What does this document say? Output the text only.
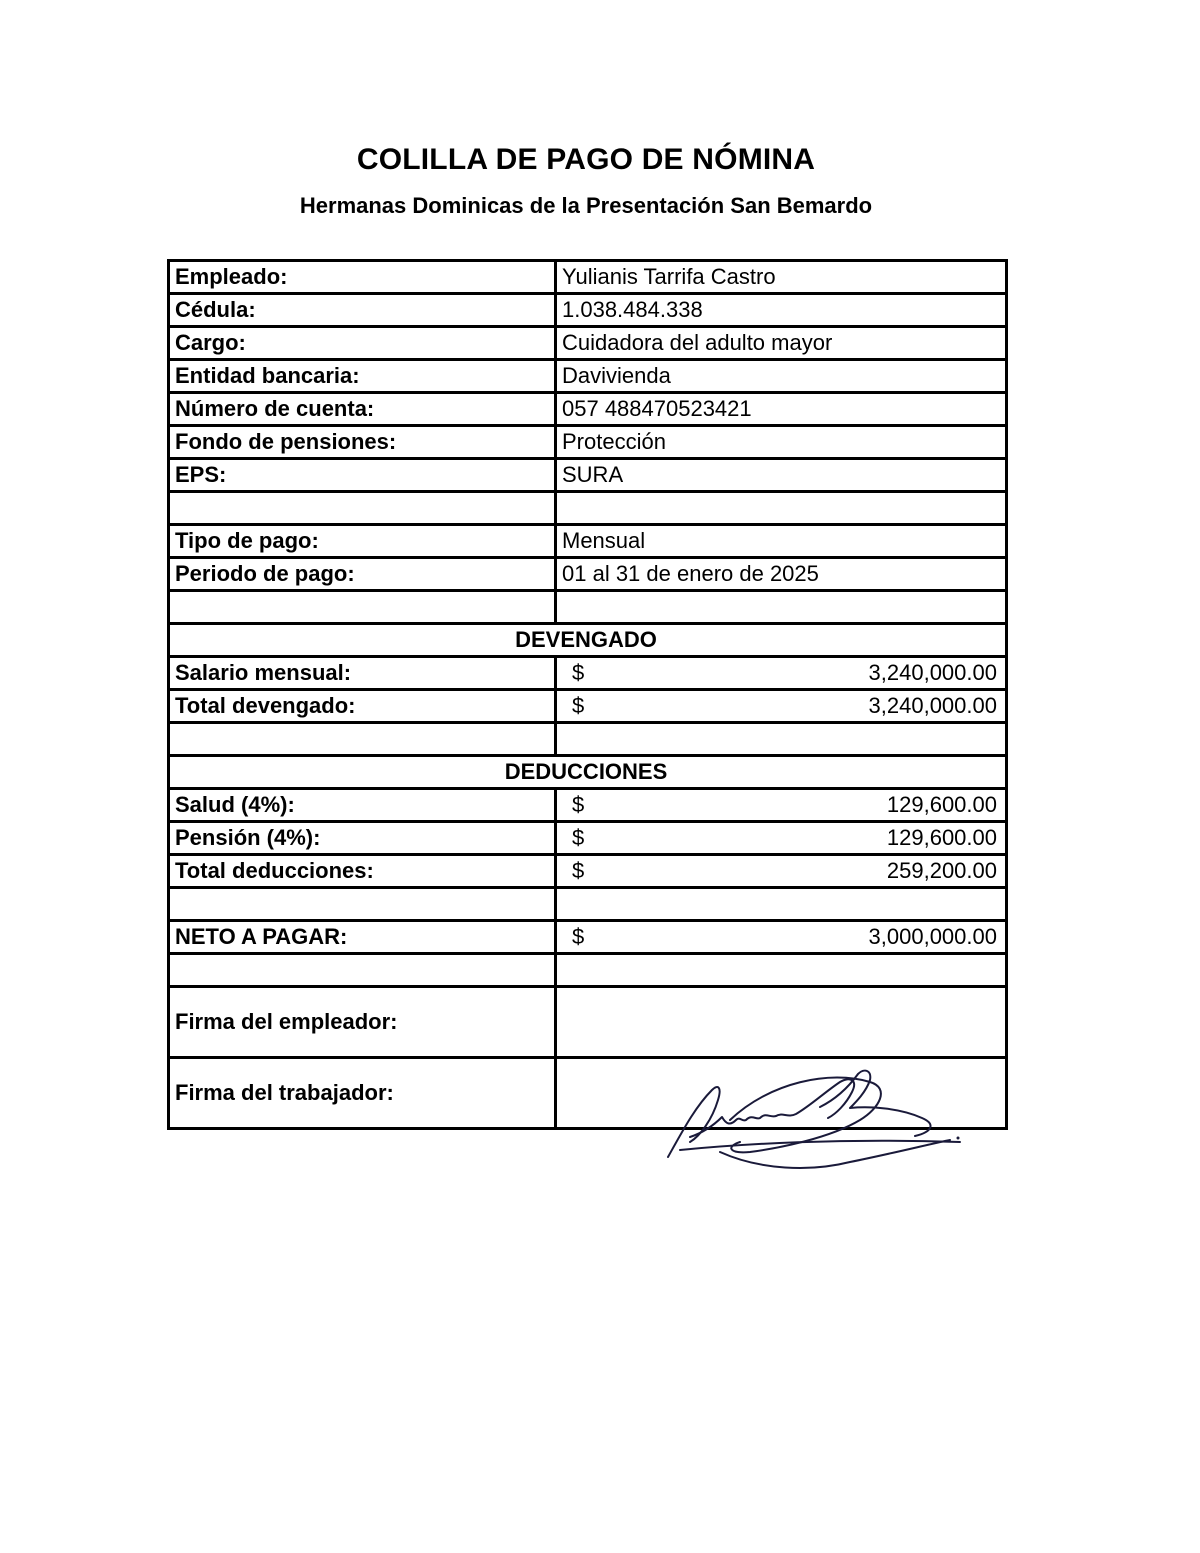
COLILLA DE PAGO DE NÓMINA
Hermanas Dominicas de la Presentación San Bemardo
Empleado:	Yulianis Tarrifa Castro
Cédula:	1.038.484.338
Cargo:	Cuidadora del adulto mayor
Entidad bancaria:	Davivienda
Número de cuenta:	057 488470523421
Fondo de pensiones:	Protección
EPS:	SURA

Tipo de pago:	Mensual
Periodo de pago:	01 al 31 de enero de 2025

DEVENGADO	
Salario mensual:	$ 3,240,000.00

Total devengado:	$ 3,240,000.00

DEDUCCIONES	
Salud (4%):	$ 129,600.00

Pensión (4%):	$ 129,600.00

Total deducciones:	$ 259,200.00

NETO A PAGAR:	$ 3,000,000.00

Firma del empleador:	
Firma del trabajador:	
